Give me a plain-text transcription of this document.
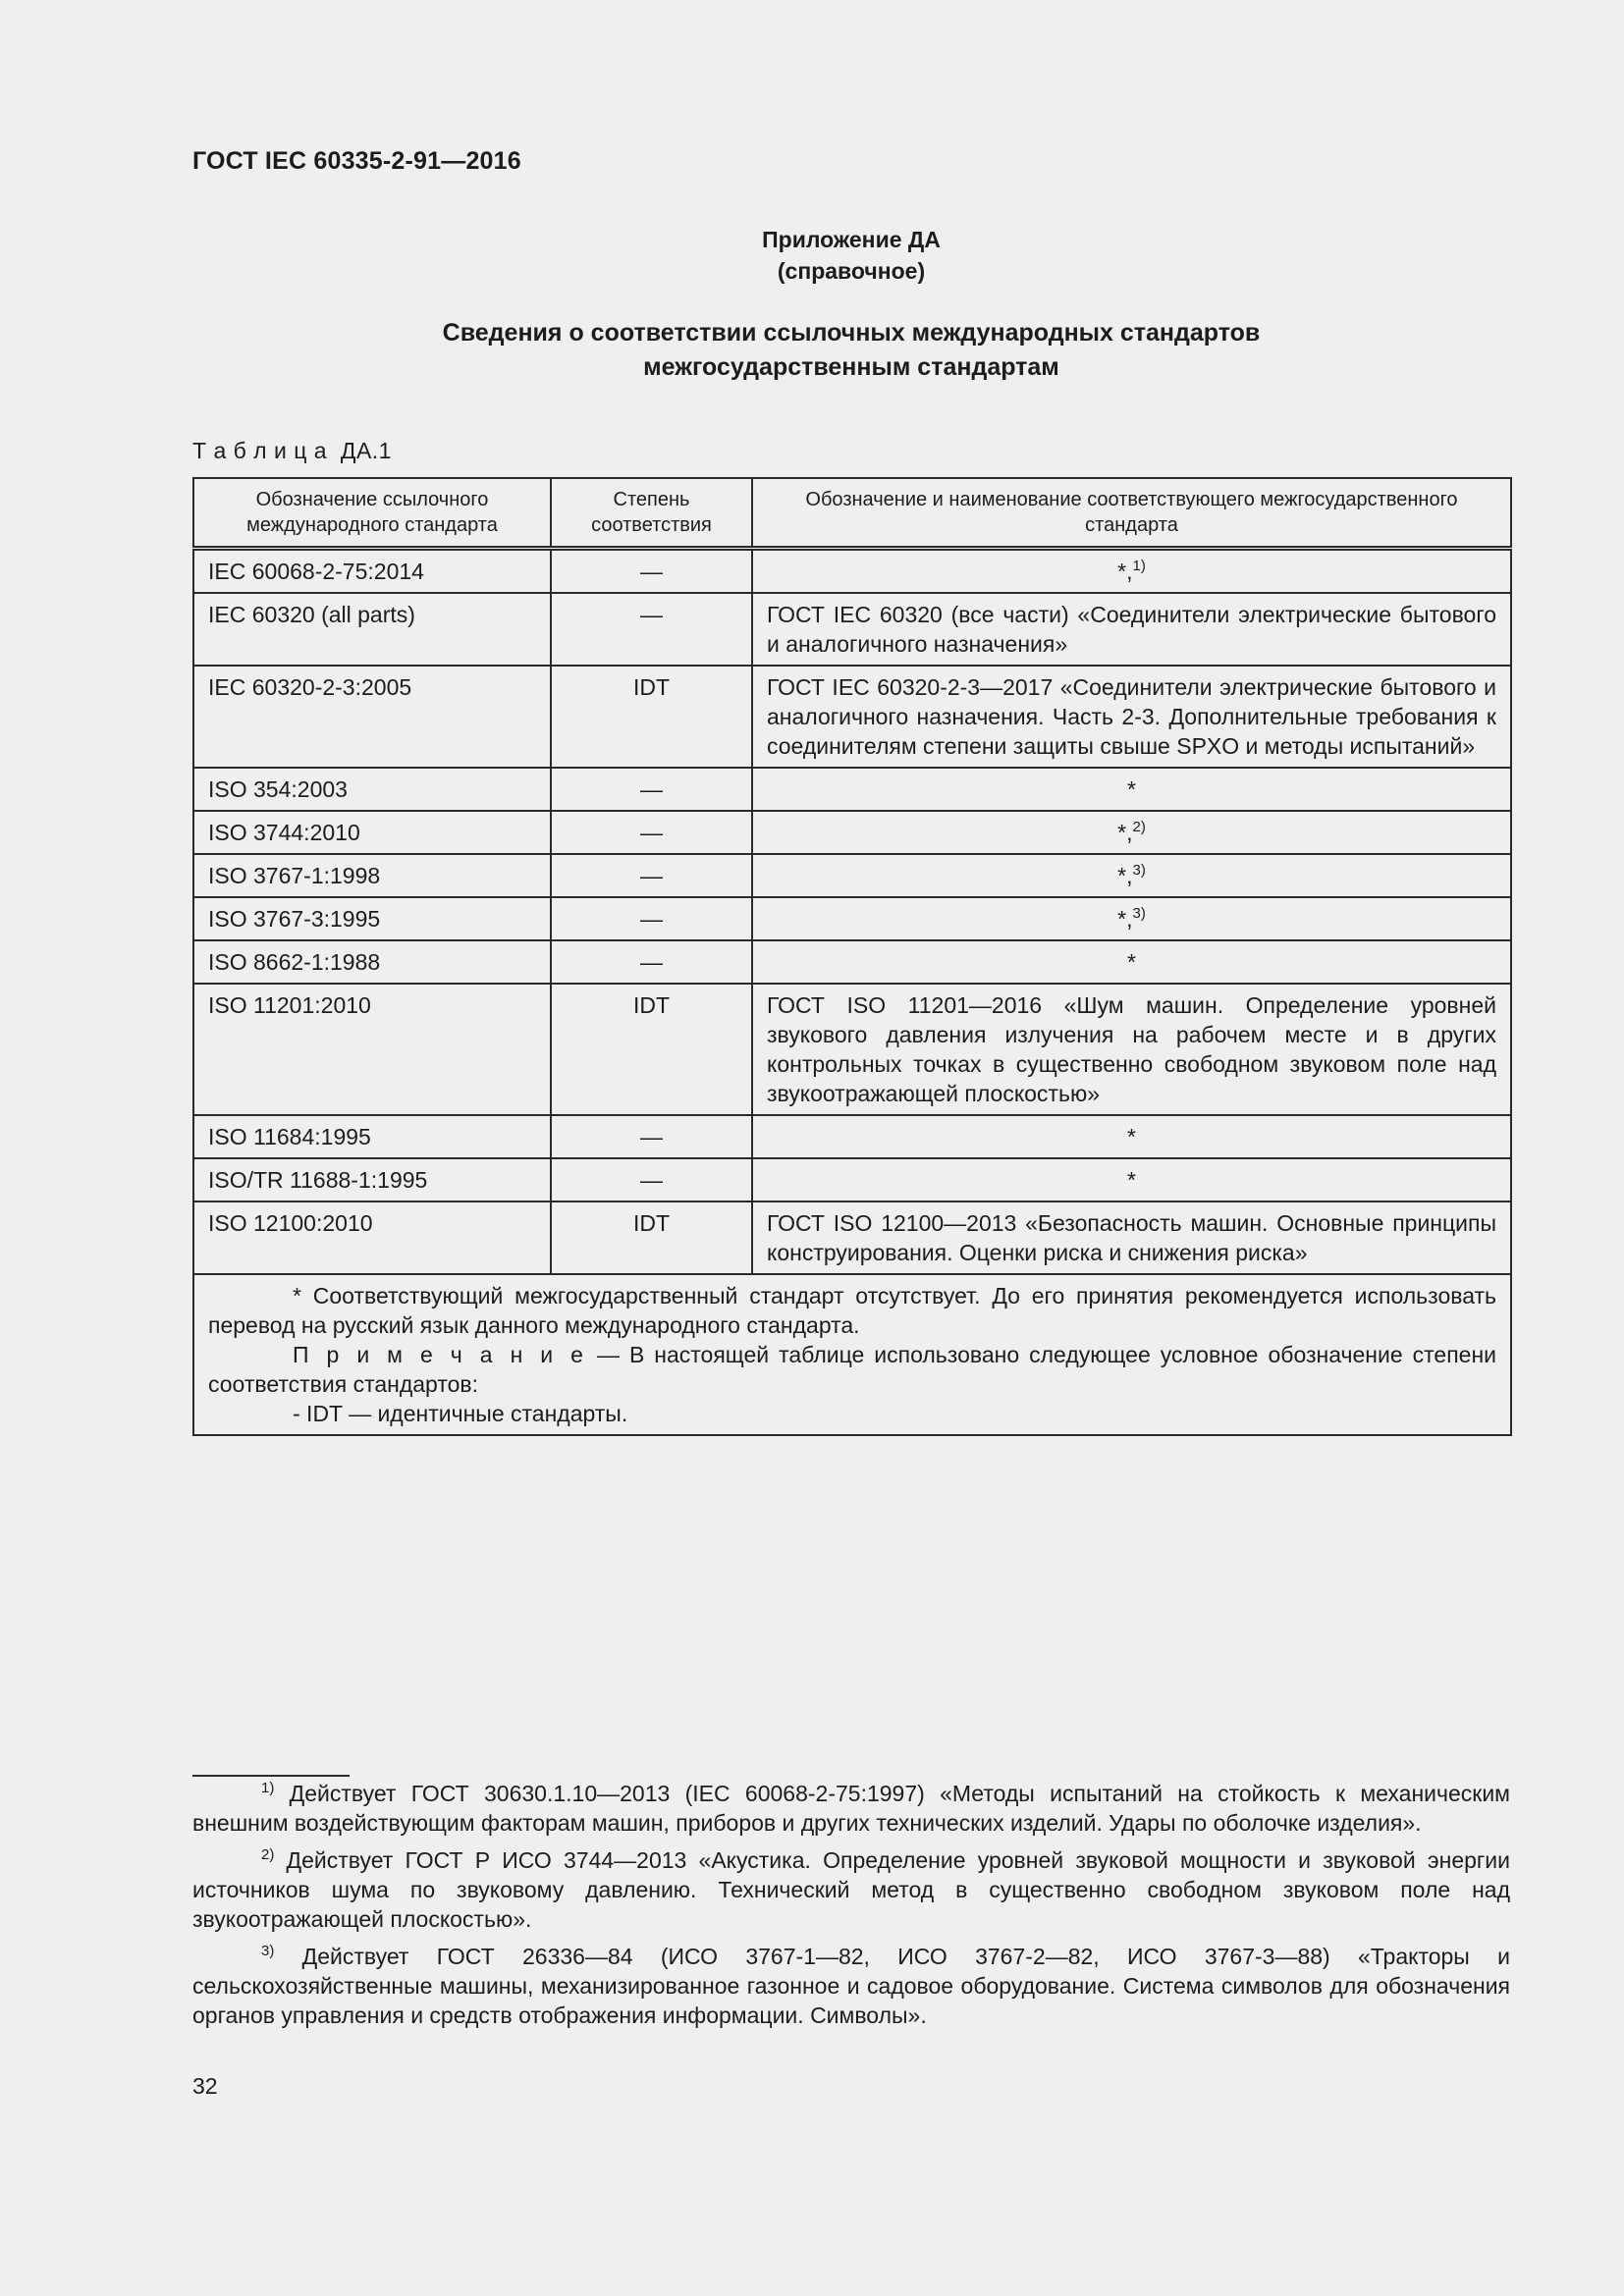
ГОСТ IEC 60335-2-91—2016
Приложение ДА
(справочное)
Сведения о соответствии ссылочных международных стандартов
межгосударственным стандартам
Т а б л и ц а  ДА.1
Обозначение ссылочного международного стандарта	Степень соответствия	Обозначение и наименование соответствующего межгосударственного стандарта
IEC 60068-2-75:2014	—	*,$^{1)}$
IEC 60320 (all parts)	—	ГОСТ IEC 60320 (все части) «Соединители электрические бытового и аналогичного назначения»
IEC 60320-2-3:2005	IDT	ГОСТ IEC 60320-2-3—2017 «Соединители электрические бытового и аналогичного назначения. Часть 2-3. Дополнительные требования к соединителям степени защиты свыше SPXO и методы испытаний»
ISO 354:2003	—	*
ISO 3744:2010	—	*,$^{2)}$
ISO 3767-1:1998	—	*,$^{3)}$
ISO 3767-3:1995	—	*,$^{3)}$
ISO 8662-1:1988	—	*
ISO 11201:2010	IDT	ГОСТ ISO 11201—2016 «Шум машин. Определение уровней звукового давления излучения на рабочем месте и в других контрольных точках в существенно свободном звуковом поле над звукоотражающей плоскостью»
ISO 11684:1995	—	*
ISO/TR 11688-1:1995	—	*
ISO 12100:2010	IDT	ГОСТ ISO 12100—2013 «Безопасность машин. Основные принципы конструирования. Оценки риска и снижения риска»

* Соответствующий межгосударственный стандарт отсутствует. До его принятия рекомендуется использовать перевод на русский язык данного международного стандарта.
П р и м е ч а н и е — В настоящей таблице использовано следующее условное обозначение степени соответствия стандартов:
- IDT — идентичные стандарты.		

$^{1)}$ Действует ГОСТ 30630.1.10—2013 (IEC 60068-2-75:1997) «Методы испытаний на стойкость к механическим внешним воздействующим факторам машин, приборов и других технических изделий. Удары по оболочке изделия».

$^{2)}$ Действует ГОСТ Р ИСО 3744—2013 «Акустика. Определение уровней звуковой мощности и звуковой энергии источников шума по звуковому давлению. Технический метод в существенно свободном звуковом поле над звукоотражающей плоскостью».

$^{3)}$ Действует ГОСТ 26336—84 (ИСО 3767-1—82, ИСО 3767-2—82, ИСО 3767-3—88) «Тракторы и сельскохозяйственные машины, механизированное газонное и садовое оборудование. Система символов для обозначения органов управления и средств отображения информации. Символы».

32
